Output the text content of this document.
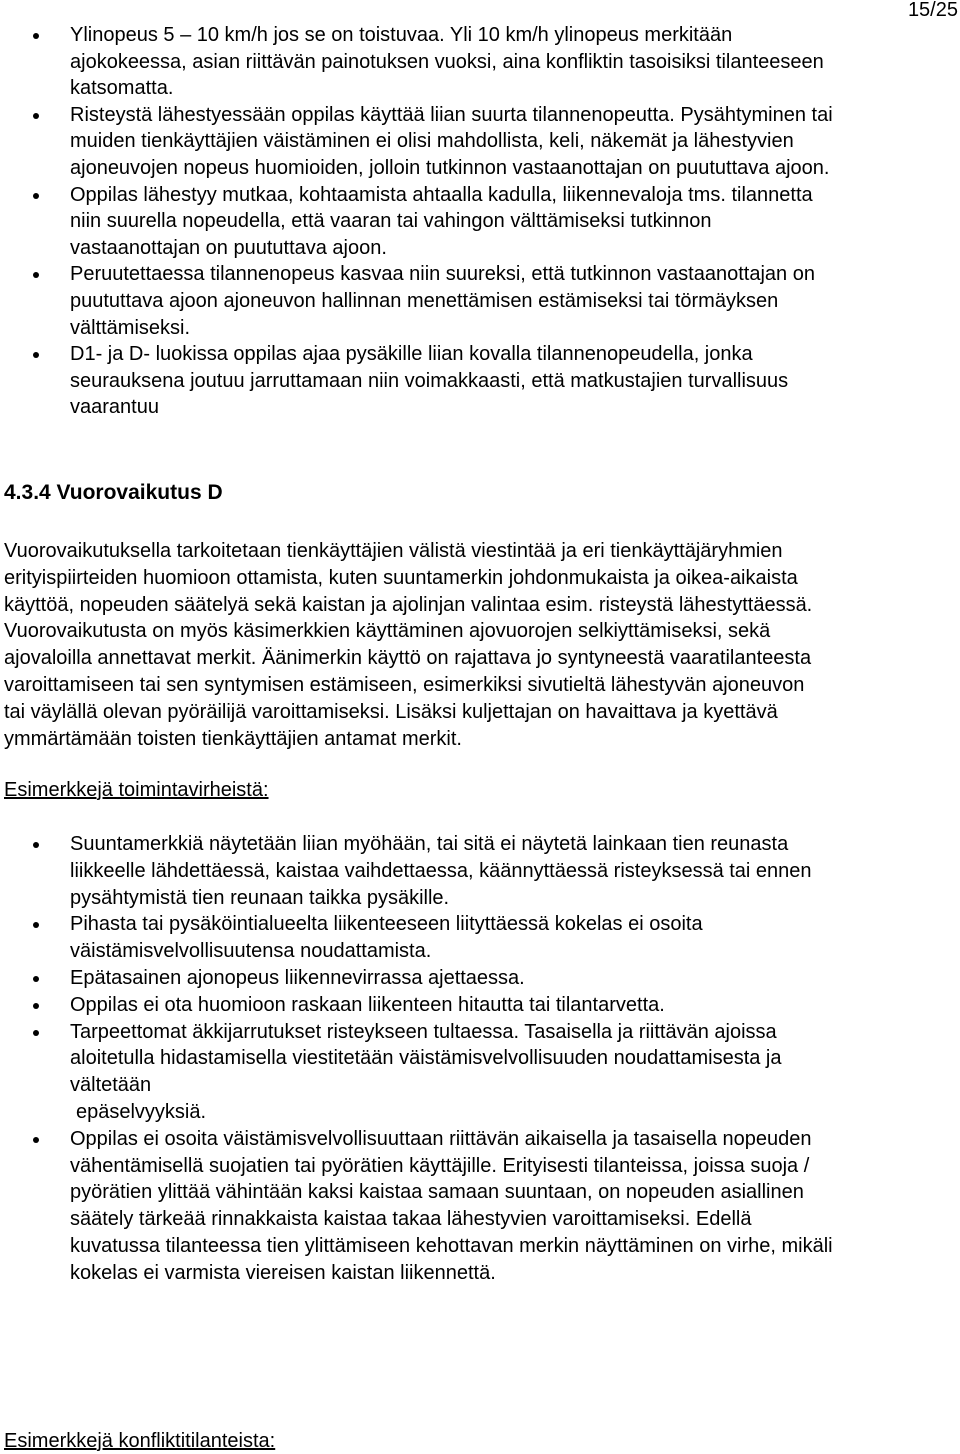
15/25
Ylinopeus 5 – 10 km/h jos se on toistuvaa. Yli 10 km/h ylinopeus merkitään
ajokokeessa, asian riittävän painotuksen vuoksi, aina konfliktin tasoisiksi tilanteeseen
katsomatta.
Risteystä lähestyessään oppilas käyttää liian suurta tilannenopeutta. Pysähtyminen tai
muiden tienkäyttäjien väistäminen ei olisi mahdollista, keli, näkemät ja lähestyvien
ajoneuvojen nopeus huomioiden, jolloin tutkinnon vastaanottajan on puututtava ajoon.
Oppilas lähestyy mutkaa, kohtaamista ahtaalla kadulla, liikennevaloja tms. tilannetta
niin suurella nopeudella, että vaaran tai vahingon välttämiseksi tutkinnon
vastaanottajan on puututtava ajoon.
Peruutettaessa tilannenopeus kasvaa niin suureksi, että tutkinnon vastaanottajan on
puututtava ajoon ajoneuvon hallinnan menettämisen estämiseksi tai törmäyksen
välttämiseksi.
D1- ja D- luokissa oppilas ajaa pysäkille liian kovalla tilannenopeudella, jonka
seurauksena joutuu jarruttamaan niin voimakkaasti, että matkustajien turvallisuus
vaarantuu
4.3.4 Vuorovaikutus D

Vuorovaikutuksella tarkoitetaan tienkäyttäjien välistä viestintää ja eri tienkäyttäjäryhmien
erityispiirteiden huomioon ottamista, kuten suuntamerkin johdonmukaista ja oikea-aikaista
käyttöä, nopeuden säätelyä sekä kaistan ja ajolinjan valintaa esim. risteystä lähestyttäessä.
Vuorovaikutusta on myös käsimerkkien käyttäminen ajovuorojen selkiyttämiseksi, sekä
ajovaloilla annettavat merkit. Äänimerkin käyttö on rajattava jo syntyneestä vaaratilanteesta
varoittamiseen tai sen syntymisen estämiseen, esimerkiksi sivutieltä lähestyvän ajoneuvon
tai väylällä olevan pyöräilijä varoittamiseksi. Lisäksi kuljettajan on havaittava ja kyettävä
ymmärtämään toisten tienkäyttäjien antamat merkit.

Esimerkkejä toimintavirheistä:

Suuntamerkkiä näytetään liian myöhään, tai sitä ei näytetä lainkaan tien reunasta
liikkeelle lähdettäessä, kaistaa vaihdettaessa, käännyttäessä risteyksessä tai ennen
pysähtymistä tien reunaan taikka pysäkille.
Pihasta tai pysäköintialueelta liikenteeseen liityttäessä kokelas ei osoita
väistämisvelvollisuutensa noudattamista.
Epätasainen ajonopeus liikennevirrassa ajettaessa.
Oppilas ei ota huomioon raskaan liikenteen hitautta tai tilantarvetta.
Tarpeettomat äkkijarrutukset risteykseen tultaessa. Tasaisella ja riittävän ajoissa
aloitetulla hidastamisella viestitetään väistämisvelvollisuuden noudattamisesta ja
vältetään
epäselvyyksiä.
Oppilas ei osoita väistämisvelvollisuuttaan riittävän aikaisella ja tasaisella nopeuden
vähentämisellä suojatien tai pyörätien käyttäjille. Erityisesti tilanteissa, joissa suoja /
pyörätien ylittää vähintään kaksi kaistaa samaan suuntaan, on nopeuden asiallinen
säätely tärkeää rinnakkaista kaistaa takaa lähestyvien varoittamiseksi. Edellä
kuvatussa tilanteessa tien ylittämiseen kehottavan merkin näyttäminen on virhe, mikäli
kokelas ei varmista viereisen kaistan liikennettä.

Esimerkkejä konfliktitilanteista:
